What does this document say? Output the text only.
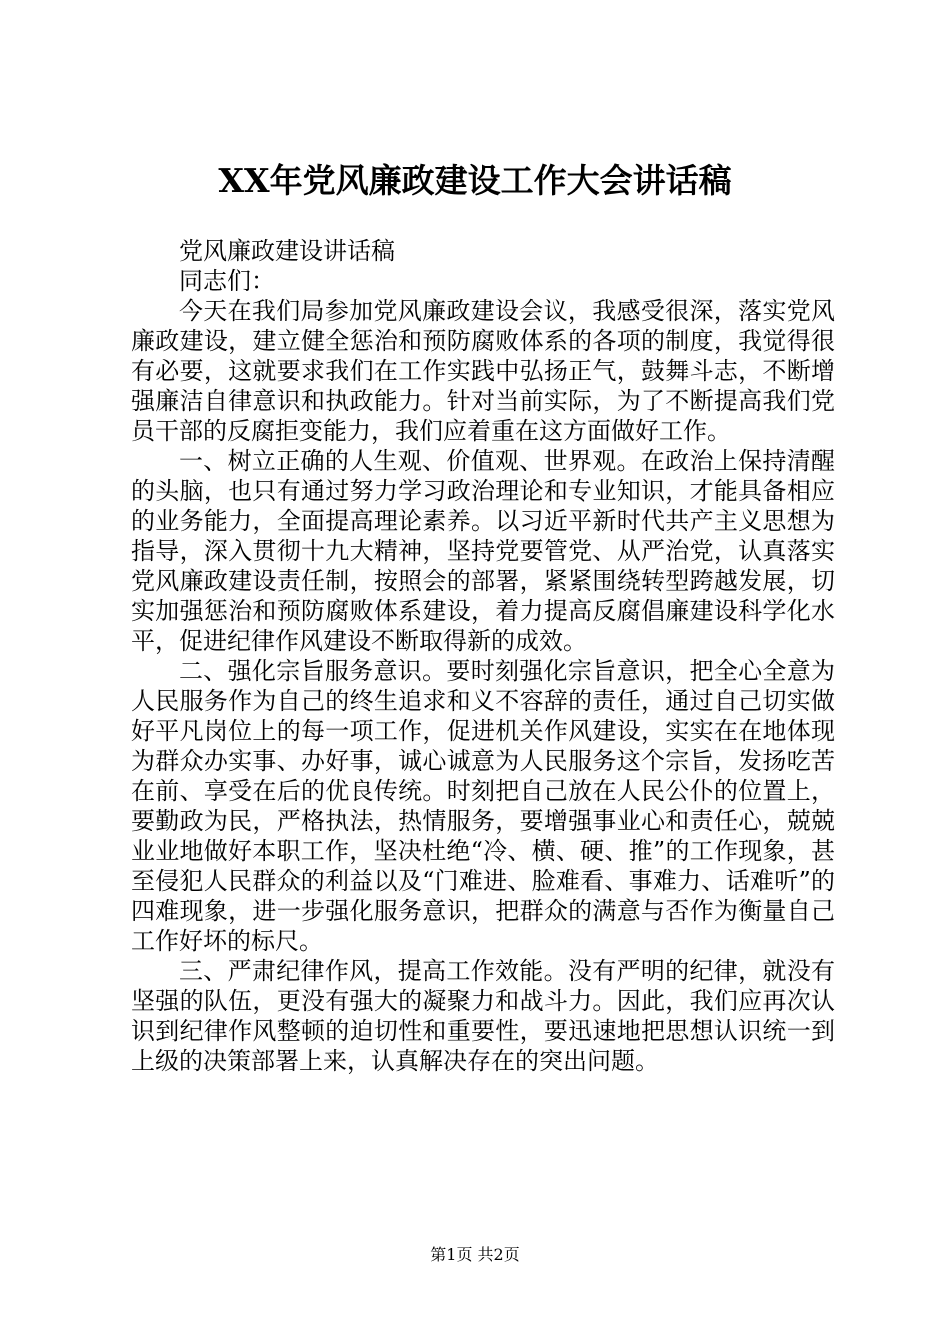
XX年党风廉政建设工作大会讲话稿

党风廉政建设讲话稿

同志们：

今天在我们局参加党风廉政建设会议，我感受很深，落实党风廉政建设，建立健全惩治和预防腐败体系的各项的制度，我觉得很有必要，这就要求我们在工作实践中弘扬正气，鼓舞斗志，不断增强廉洁自律意识和执政能力。针对当前实际，为了不断提高我们党员干部的反腐拒变能力，我们应着重在这方面做好工作。

一、树立正确的人生观、价值观、世界观。在政治上保持清醒的头脑，也只有通过努力学习政治理论和专业知识，才能具备相应的业务能力，全面提高理论素养。以习近平新时代共产主义思想为指导，深入贯彻十九大精神，坚持党要管党、从严治党，认真落实党风廉政建设责任制，按照会的部署，紧紧围绕转型跨越发展，切实加强惩治和预防腐败体系建设，着力提高反腐倡廉建设科学化水平，促进纪律作风建设不断取得新的成效。

二、强化宗旨服务意识。要时刻强化宗旨意识，把全心全意为人民服务作为自己的终生追求和义不容辞的责任，通过自己切实做好平凡岗位上的每一项工作，促进机关作风建设，实实在在地体现为群众办实事、办好事，诚心诚意为人民服务这个宗旨，发扬吃苦在前、享受在后的优良传统。时刻把自己放在人民公仆的位置上，要勤政为民，严格执法，热情服务，要增强事业心和责任心，兢兢业业地做好本职工作，坚决杜绝“冷、横、硬、推”的工作现象，甚至侵犯人民群众的利益以及“门难进、脸难看、事难力、话难听”的四难现象，进一步强化服务意识，把群众的满意与否作为衡量自己工作好坏的标尺。

三、严肃纪律作风，提高工作效能。没有严明的纪律，就没有坚强的队伍，更没有强大的凝聚力和战斗力。因此，我们应再次认识到纪律作风整顿的迫切性和重要性，要迅速地把思想认识统一到上级的决策部署上来，认真解决存在的突出问题。

第1页 共2页
